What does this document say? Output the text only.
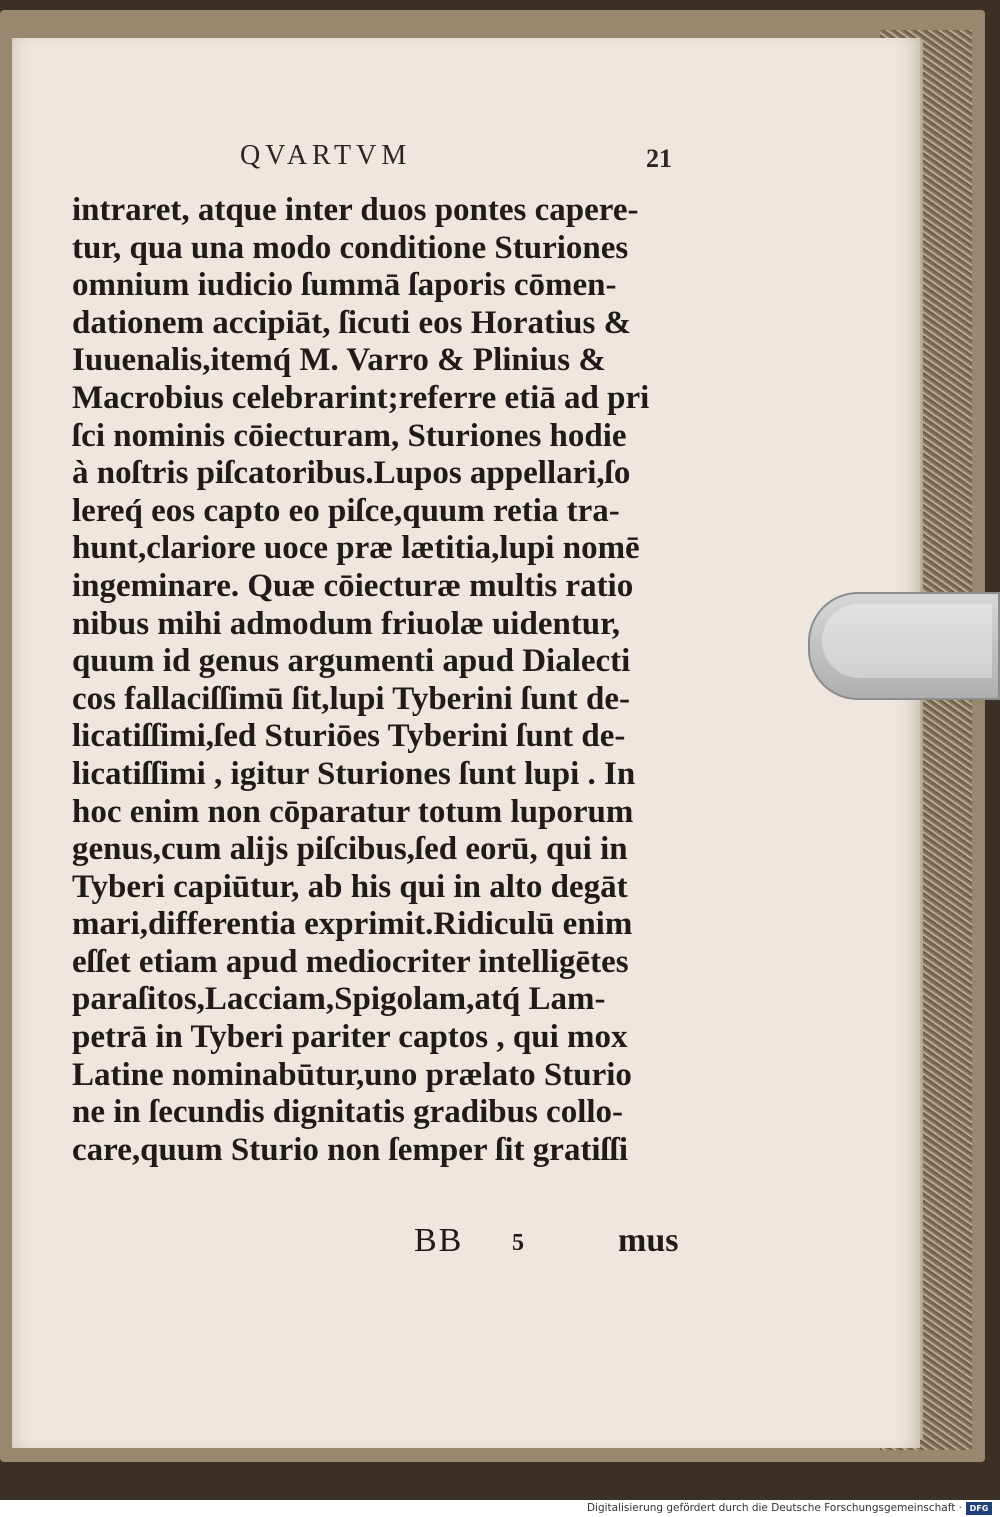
QVARTVM	21
intraret, atque inter duos pontes capere-
tur, qua una modo conditione Sturiones
omnium iudicio ſummā ſaporis cōmen-
dationem accipiāt, ſicuti eos Horatius &
Iuuenalis,itemq́ M. Varro & Plinius &
Macrobius celebrarint;referre etiā ad pri
ſci nominis cōiecturam, Sturiones hodie
à noſtris piſcatoribus.Lupos appellari,ſo
lereq́ eos capto eo piſce,quum retia tra-
hunt,clariore uoce præ lætitia,lupi nomē
ingeminare. Quæ cōiecturæ multis ratio
nibus mihi admodum friuolæ uidentur,
quum id genus argumenti apud Dialecti
cos fallaciſſimū ſit,lupi Tyberini ſunt de-
licatiſſimi,ſed Sturiōes Tyberini ſunt de-
licatiſſimi , igitur Sturiones ſunt lupi . In
hoc enim non cōparatur totum luporum
genus,cum alijs piſcibus,ſed eorū, qui in
Tyberi capiūtur, ab his qui in alto degāt
mari,differentia exprimit.Ridiculū enim
eſſet etiam apud mediocriter intelligētes
paraſitos,Lacciam,Spigolam,atq́ Lam-
petrā in Tyberi pariter captos , qui mox
Latine nominabūtur,uno prælato Sturio
ne in ſecundis dignitatis gradibus collo-
care,quum Sturio non ſemper ſit gratiſſi
BB 5	mus
Digitalisierung gefördert durch die Deutsche Forschungsgemeinschaft · DFG
